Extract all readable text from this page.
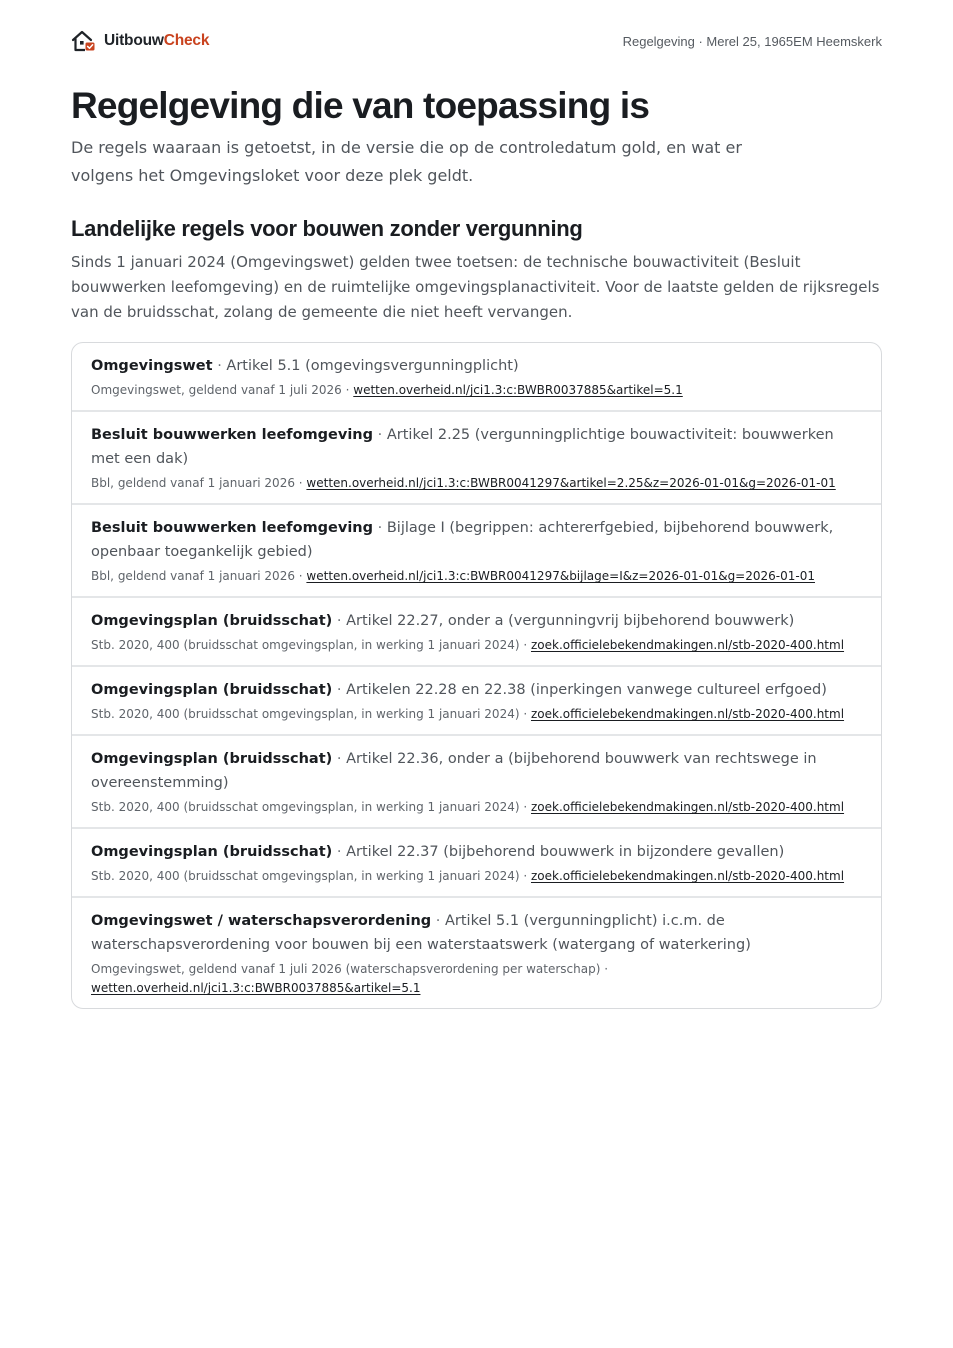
UitbouwCheck	Regelgeving · Merel 25, 1965EM Heemskerk
Regelgeving die van toepassing is

De regels waaraan is getoetst, in de versie die op de controledatum gold, en wat er volgens het Omgevingsloket voor deze plek geldt.

Landelijke regels voor bouwen zonder vergunning

Sinds 1 januari 2024 (Omgevingswet) gelden twee toetsen: de technische bouwactiviteit (Besluit bouwwerken leefomgeving) en de ruimtelijke omgevingsplanactiviteit. Voor de laatste gelden de rijksregels van de bruidsschat, zolang de gemeente die niet heeft vervangen.

Omgevingswet · Artikel 5.1 (omgevingsvergunningplicht)
Omgevingswet, geldend vanaf 1 juli 2026 · wetten.overheid.nl/jci1.3:c:BWBR0037885&artikel=5.1
Besluit bouwwerken leefomgeving · Artikel 2.25 (vergunningplichtige bouwactiviteit: bouwwerken met een dak)
Bbl, geldend vanaf 1 januari 2026 · wetten.overheid.nl/jci1.3:c:BWBR0041297&artikel=2.25&z=2026-01-01&g=2026-01-01
Besluit bouwwerken leefomgeving · Bijlage I (begrippen: achtererfgebied, bijbehorend bouwwerk, openbaar toegankelijk gebied)
Bbl, geldend vanaf 1 januari 2026 · wetten.overheid.nl/jci1.3:c:BWBR0041297&bijlage=I&z=2026-01-01&g=2026-01-01
Omgevingsplan (bruidsschat) · Artikel 22.27, onder a (vergunningvrij bijbehorend bouwwerk)
Stb. 2020, 400 (bruidsschat omgevingsplan, in werking 1 januari 2024) · zoek.officielebekendmakingen.nl/stb-2020-400.html
Omgevingsplan (bruidsschat) · Artikelen 22.28 en 22.38 (inperkingen vanwege cultureel erfgoed)
Stb. 2020, 400 (bruidsschat omgevingsplan, in werking 1 januari 2024) · zoek.officielebekendmakingen.nl/stb-2020-400.html
Omgevingsplan (bruidsschat) · Artikel 22.36, onder a (bijbehorend bouwwerk van rechtswege in overeenstemming)
Stb. 2020, 400 (bruidsschat omgevingsplan, in werking 1 januari 2024) · zoek.officielebekendmakingen.nl/stb-2020-400.html
Omgevingsplan (bruidsschat) · Artikel 22.37 (bijbehorend bouwwerk in bijzondere gevallen)
Stb. 2020, 400 (bruidsschat omgevingsplan, in werking 1 januari 2024) · zoek.officielebekendmakingen.nl/stb-2020-400.html
Omgevingswet / waterschapsverordening · Artikel 5.1 (vergunningplicht) i.c.m. de waterschapsverordening voor bouwen bij een waterstaatswerk (watergang of waterkering)
Omgevingswet, geldend vanaf 1 juli 2026 (waterschapsverordening per waterschap) · wetten.overheid.nl/jci1.3:c:BWBR0037885&artikel=5.1
